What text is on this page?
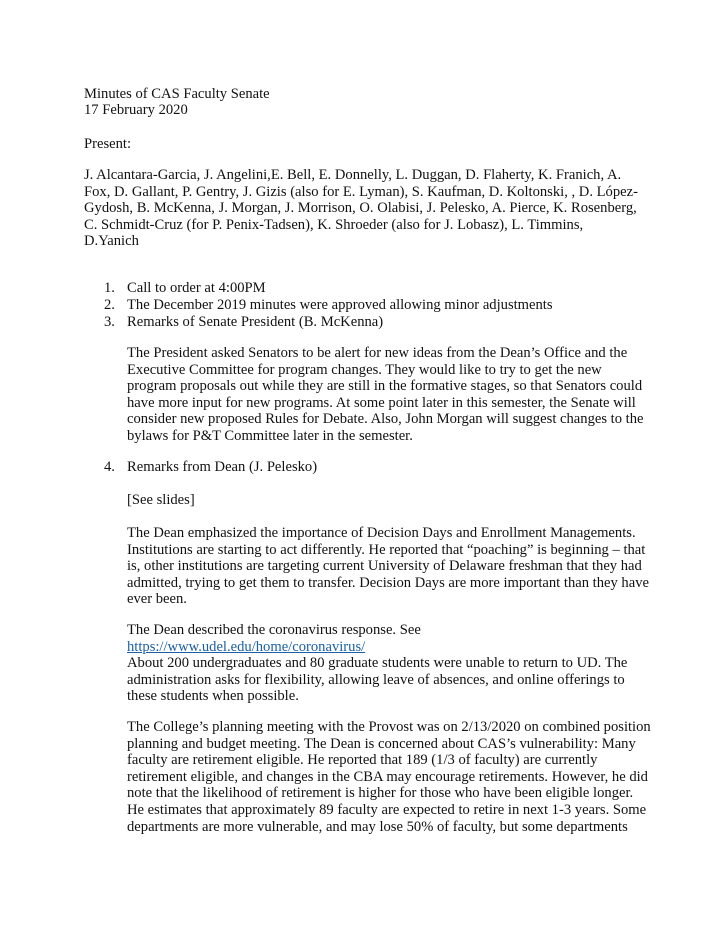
Minutes of CAS Faculty Senate

17 February 2020

Present:

J. Alcantara-Garcia, J. Angelini,E. Bell, E. Donnelly, L. Duggan, D. Flaherty, K. Franich, A.

Fox, D. Gallant, P. Gentry, J. Gizis (also for E. Lyman), S. Kaufman, D. Koltonski, , D. López-

Gydosh, B. McKenna, J. Morgan, J. Morrison, O. Olabisi, J. Pelesko, A. Pierce, K. Rosenberg,

C. Schmidt-Cruz (for P. Penix-Tadsen), K. Shroeder (also for J. Lobasz), L. Timmins,

D.Yanich

1. Call to order at 4:00PM
2. The December 2019 minutes were approved allowing minor adjustments
3. Remarks of Senate President (B. McKenna)

The President asked Senators to be alert for new ideas from the Dean’s Office and the

Executive Committee for program changes. They would like to try to get the new

program proposals out while they are still in the formative stages, so that Senators could

have more input for new programs. At some point later in this semester, the Senate will

consider new proposed Rules for Debate. Also, John Morgan will suggest changes to the

bylaws for P&T Committee later in the semester.

4. Remarks from Dean (J. Pelesko)

[See slides]

The Dean emphasized the importance of Decision Days and Enrollment Managements.

Institutions are starting to act differently. He reported that “poaching” is beginning – that

is, other institutions are targeting current University of Delaware freshman that they had

admitted, trying to get them to transfer. Decision Days are more important than they have

ever been.

The Dean described the coronavirus response. See

https://www.udel.edu/home/coronavirus/

About 200 undergraduates and 80 graduate students were unable to return to UD. The

administration asks for flexibility, allowing leave of absences, and online offerings to

these students when possible.

The College’s planning meeting with the Provost was on 2/13/2020 on combined position

planning and budget meeting. The Dean is concerned about CAS’s vulnerability: Many

faculty are retirement eligible. He reported that 189 (1/3 of faculty) are currently

retirement eligible, and changes in the CBA may encourage retirements. However, he did

note that the likelihood of retirement is higher for those who have been eligible longer.

He estimates that approximately 89 faculty are expected to retire in next 1-3 years. Some

departments are more vulnerable, and may lose 50% of faculty, but some departments
